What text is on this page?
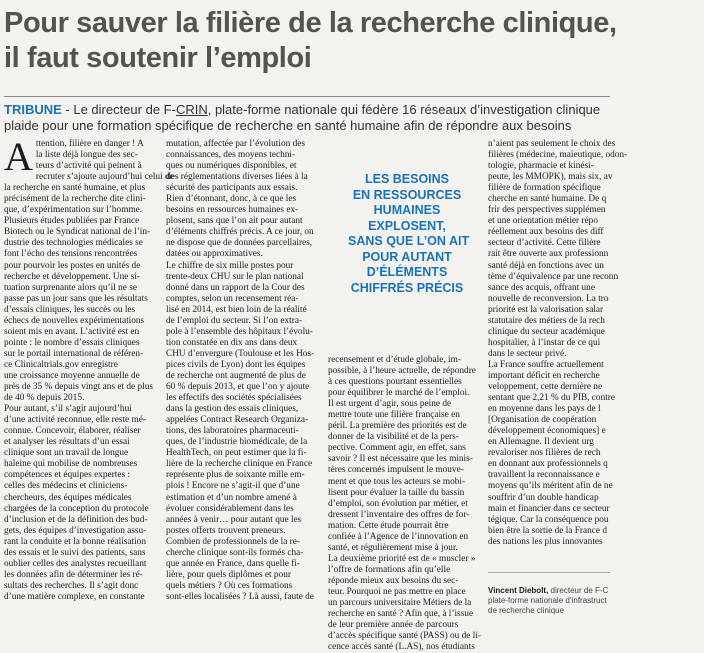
Pour sauver la filière de la recherche clinique,
il faut soutenir l’emploi
TRIBUNE - Le directeur de F-CRIN, plate-forme nationale qui fédère 16 réseaux d’investigation clinique
plaide pour une formation spécifique de recherche en santé humaine afin de répondre aux besoins
A ttention, filière en danger ! A
la liste déjà longue des sec-
teurs d’activité qui peinent à
recruter s’ajoute aujourd’hui celui de
la recherche en santé humaine, et plus
précisément de la recherche dite clini-
que, d’expérimentation sur l’homme.
Plusieurs études publiées par France
Biotech ou le Syndicat national de l’in-
dustrie des technologies médicales se
font l’écho des tensions rencontrées
pour pourvoir les postes en unités de
recherche et développement. Une si-
tuation surprenante alors qu’il ne se
passe pas un jour sans que les résultats
d’essais cliniques, les succès ou les
échecs de nouvelles expérimentations
soient mis en avant. L’activité est en
pointe : le nombre d’essais cliniques
sur le portail international de référen-
ce Clinicaltrials.gov enregistre
une croissance moyenne annuelle de
près de 35 % depuis vingt ans et de plus
de 40 % depuis 2015.
Pour autant, s’il s’agit aujourd’hui
d’une activité reconnue, elle reste mé-
connue. Concevoir, élaborer, réaliser
et analyser les résultats d’un essai
clinique sont un travail de longue
haleine qui mobilise de nombreuses
compétences et équipes expertes :
celles des médecins et cliniciens-
chercheurs, des équipes médicales
chargées de la conception du protocole
d’inclusion et de la définition des bud-
gets, des équipes d’investigation assu-
rant la conduite et la bonne réalisation
des essais et le suivi des patients, sans
oublier celles des analystes recueillant
les données afin de déterminer les ré-
sultats des recherches. Il s’agit donc
d’une matière complexe, en constante
mutation, affectée par l’évolution des
connaissances, des moyens techni-
ques ou numériques disponibles, et
des réglementations diverses liées à la
sécurité des participants aux essais.
Rien d’étonnant, donc, à ce que les
besoins en ressources humaines ex-
plosent, sans que l’on ait pour autant
d’éléments chiffrés précis. A ce jour, on
ne dispose que de données parcellaires,
datées ou approximatives.
Le chiffre de six mille postes pour
trente-deux CHU sur le plan national
donné dans un rapport de la Cour des
comptes, selon un recensement réa-
lisé en 2014, est bien loin de la réalité
de l’emploi du secteur. Si l’on extra-
pole à l’ensemble des hôpitaux l’évolu-
tion constatée en dix ans dans deux
CHU d’envergure (Toulouse et les Hos-
pices civils de Lyon) dont les équipes
de recherche ont augmenté de plus de
60 % depuis 2013, et que l’on y ajoute
les effectifs des sociétés spécialisées
dans la gestion des essais cliniques,
appelées Contract Research Organiza-
tions, des laboratoires pharmaceuti-
ques, de l’industrie biomédicale, de la
HealthTech, on peut estimer que la fi-
lière de la recherche clinique en France
représente plus de soixante mille em-
plois ! Encore ne s’agit-il que d’une
estimation et d’un nombre amené à
évoluer considérablement dans les
années à venir… pour autant que les
postes offerts trouvent preneurs.
Combien de professionnels de la re-
cherche clinique sont-ils formés cha-
que année en France, dans quelle fi-
lière, pour quels diplômes et pour
quels métiers ? Où ces formations
sont-elles localisées ? Là aussi, faute de
LES BESOINS
EN RESSOURCES
HUMAINES
EXPLOSENT,
SANS QUE L’ON AIT
POUR AUTANT
D’ÉLÉMENTS
CHIFFRÉS PRÉCIS
recensement et d’étude globale, im-
possible, à l’heure actuelle, de répondre
à ces questions pourtant essentielles
pour équilibrer le marché de l’emploi.
Il est urgent d’agir, sous peine de
mettre toute une filière française en
péril. La première des priorités est de
donner de la visibilité et de la pers-
pective. Comment agir, en effet, sans
savoir ? Il est nécessaire que les minis-
tères concernés impulsent le mouve-
ment et que tous les acteurs se mobi-
lisent pour évaluer la taille du bassin
d’emploi, son évolution par métier, et
dressent l’inventaire des offres de for-
mation. Cette étude pourrait être
confiée à l’Agence de l’innovation en
santé, et régulièrement mise à jour.
La deuxième priorité est de « muscler »
l’offre de formations afin qu’elle
réponde mieux aux besoins du sec-
teur. Pourquoi ne pas mettre en place
un parcours universitaire Métiers de la
recherche en santé ? Afin que, à l’issue
de leur première année de parcours
d’accès spécifique santé (PASS) ou de li-
cence accès santé (L.AS), nos étudiants
n’aient pas seulement le choix des
filières (médecine, maïeutique, odon-
tologie, pharmacie et kinési-
peute, les MMOPK), mais six, av
filière de formation spécifique
cherche en santé humaine. De q
frir des perspectives supplémen
et une orientation métier répo
réellement aux besoins des diff
secteur d’activité. Cette filière
rait être ouverte aux professionn
santé déjà en fonctions avec un
tème d’équivalence par une reconn
sance des acquis, offrant une
nouvelle de reconversion. La tro
priorité est la valorisation salar
statutaire des métiers de la rech
clinique du secteur académique
hospitalier, à l’instar de ce qui
dans le secteur privé.
La France souffre actuellement
important déficit en recherche
veloppement, cette dernière ne
sentant que 2,21 % du PIB, contre
en moyenne dans les pays de l
[Organisation de coopération
développement économiques] e
en Allemagne. Il devient urg
revaloriser nos filières de rech
en donnant aux professionnels q
travaillent la reconnaissance e
moyens qu’ils méritent afin de ne
souffrir d’un double handicap
main et financier dans ce secteur
tégique. Car la conséquence pou
bien être la sortie de la France d
des nations les plus innovantes
Vincent Diebolt, directeur de F-C
plate-forme nationale d’infrastruct
de recherche clinique
